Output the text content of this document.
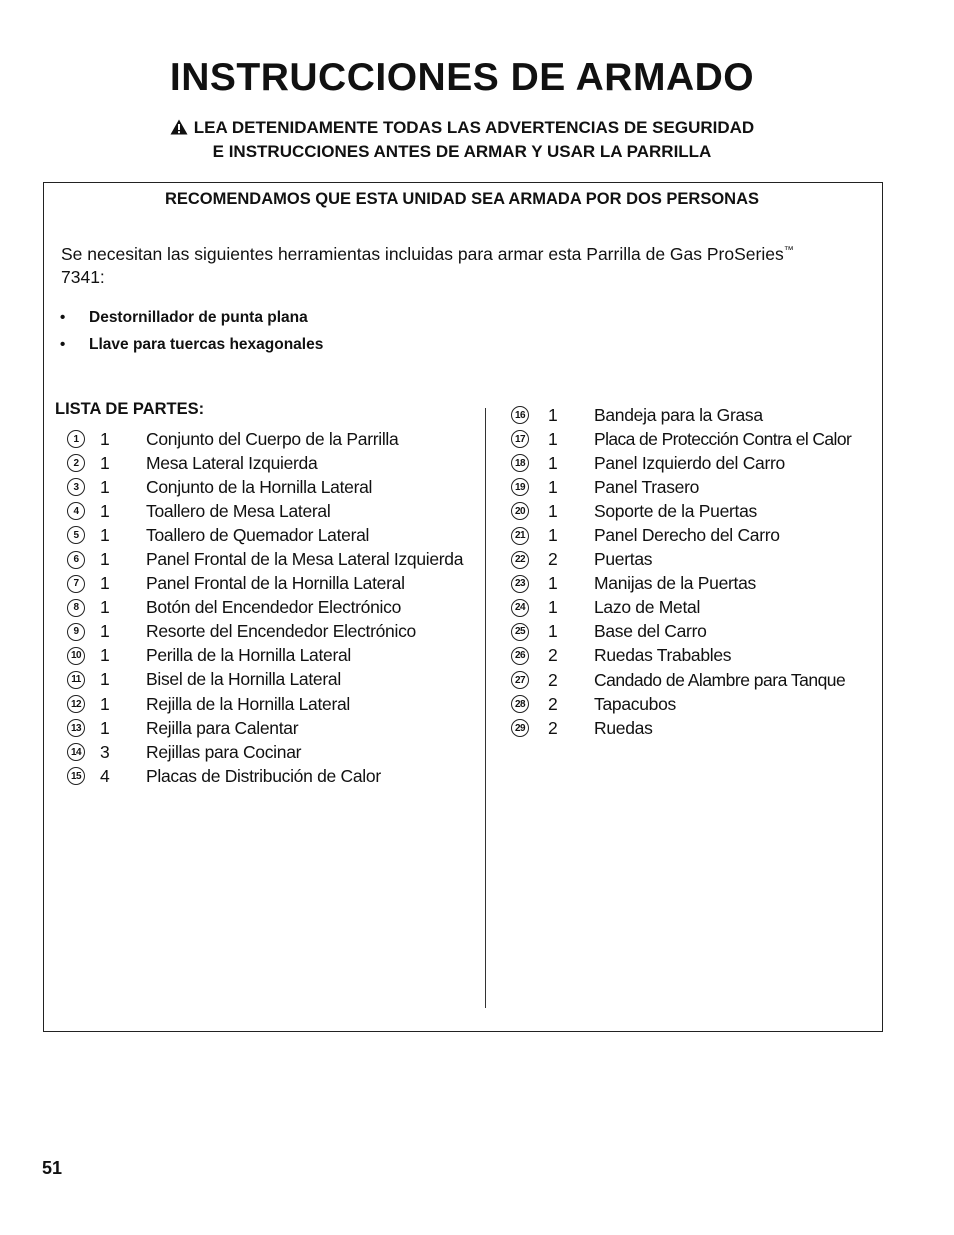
INSTRUCCIONES DE ARMADO
LEA DETENIDAMENTE TODAS LAS ADVERTENCIAS DE SEGURIDAD
E INSTRUCCIONES ANTES DE ARMAR Y USAR LA PARRILLA
RECOMENDAMOS QUE ESTA UNIDAD SEA ARMADA POR DOS PERSONAS
Se necesitan las siguientes herramientas incluidas para armar esta Parrilla de Gas ProSeries™ 7341:
•	Destornillador de punta plana
•	Llave para tuercas hexagonales
LISTA DE PARTES:
1	1	Conjunto del Cuerpo de la Parrilla
2	1	Mesa Lateral Izquierda
3	1	Conjunto de la Hornilla Lateral
4	1	Toallero de Mesa Lateral
5	1	Toallero de Quemador Lateral
6	1	Panel Frontal de la Mesa Lateral Izquierda
7	1	Panel Frontal de la Hornilla Lateral
8	1	Botón del Encendedor Electrónico
9	1	Resorte del Encendedor Electrónico
10	1	Perilla de la Hornilla Lateral
11	1	Bisel de la Hornilla Lateral
12	1	Rejilla de la Hornilla Lateral
13	1	Rejilla para Calentar
14	3	Rejillas para Cocinar
15	4	Placas de Distribución de Calor
16	1	Bandeja para la Grasa
17	1	Placa de Protección Contra el Calor
18	1	Panel Izquierdo del Carro
19	1	Panel Trasero
20	1	Soporte de la Puertas
21	1	Panel Derecho del Carro
22	2	Puertas
23	1	Manijas de la Puertas
24	1	Lazo de Metal
25	1	Base del Carro
26	2	Ruedas Trabables
27	2	Candado de Alambre para Tanque
28	2	Tapacubos
29	2	Ruedas
51
